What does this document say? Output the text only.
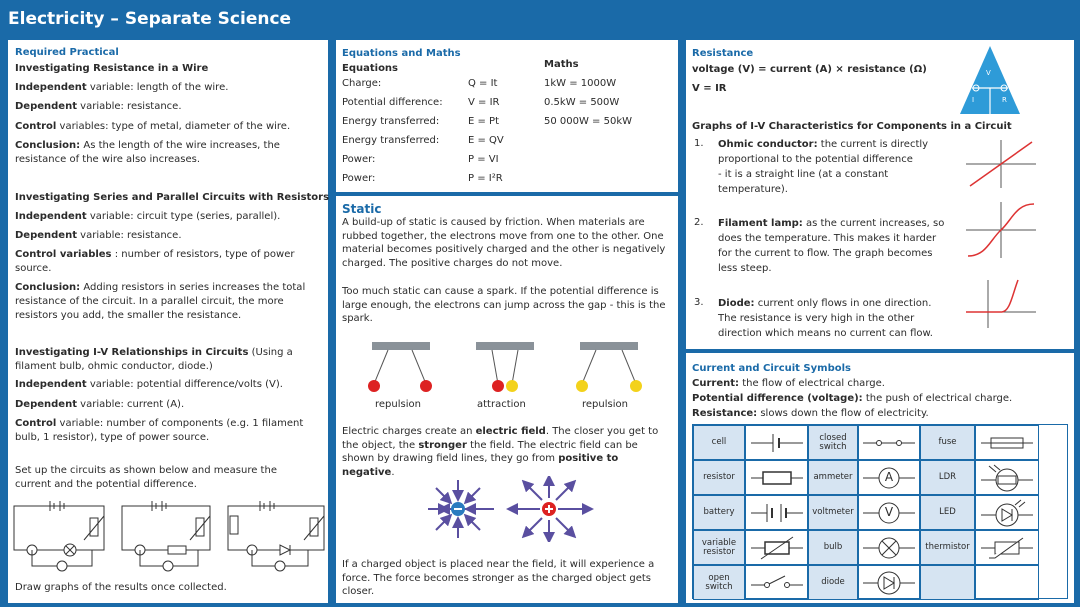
Electricity – Separate Science
Required Practical
Investigating Resistance in a Wire
Independent variable: length of the wire.
Dependent variable: resistance.
Control variables: type of metal, diameter of the wire.
Conclusion: As the length of the wire increases, the
resistance of the wire also increases.
Investigating Series and Parallel Circuits with Resistors
Independent variable: circuit type (series, parallel).
Dependent variable: resistance.
Control variables : number of resistors, type of power
source.
Conclusion: Adding resistors in series increases the total
resistance of the circuit. In a parallel circuit, the more
resistors you add, the smaller the resistance.
Investigating I-V Relationships in Circuits (Using a
filament bulb, ohmic conductor, diode.)
Independent variable: potential difference/volts (V).
Dependent variable: current (A).
Control variable: number of components (e.g. 1 filament
bulb, 1 resistor), type of power source.
Set up the circuits as shown below and measure the
current and the potential difference.
Draw graphs of the results once collected.
Equations and Maths
Equations	Maths
Charge:	Q = It	1kW = 1000W
Potential difference:	V = IR	0.5kW = 500W
Energy transferred:	E = Pt	50 000W = 50kW
Energy transferred:	E = QV
Power:	P = VI
Power:	P = I²R
Static
A build-up of static is caused by friction. When materials are rubbed together, the electrons move from one to the other. One material becomes positively charged and the other is negatively charged. The positive charges do not move.
Too much static can cause a spark. If the potential difference is large enough, the electrons can jump across the gap - this is the spark.
repulsion	attraction	repulsion
Electric charges create an electric field. The closer you get to the object, the stronger the field. The electric field can be shown by drawing field lines, they go from positive to negative.
If a charged object is placed near the field, it will experience a force. The force becomes stronger as the charged object gets closer.
Resistance
voltage (V) = current (A) × resistance (Ω)
V = IR
V
I	R
Graphs of I-V Characteristics for Components in a Circuit
1. Ohmic conductor: the current is directly
proportional to the potential difference
- it is a straight line (at a constant
temperature).
2. Filament lamp: as the current increases, so
does the temperature. This makes it harder
for the current to flow. The graph becomes
less steep.
3. Diode: current only flows in one direction.
The resistance is very high in the other
direction which means no current can flow.
Current and Circuit Symbols
Current: the flow of electrical charge.
Potential difference (voltage): the push of electrical charge.
Resistance: slows down the flow of electricity.
cell	closed switch	fuse
resistor	ammeter	A	LDR
battery	voltmeter	V	LED
variable resistor	bulb	thermistor
open switch	diode
